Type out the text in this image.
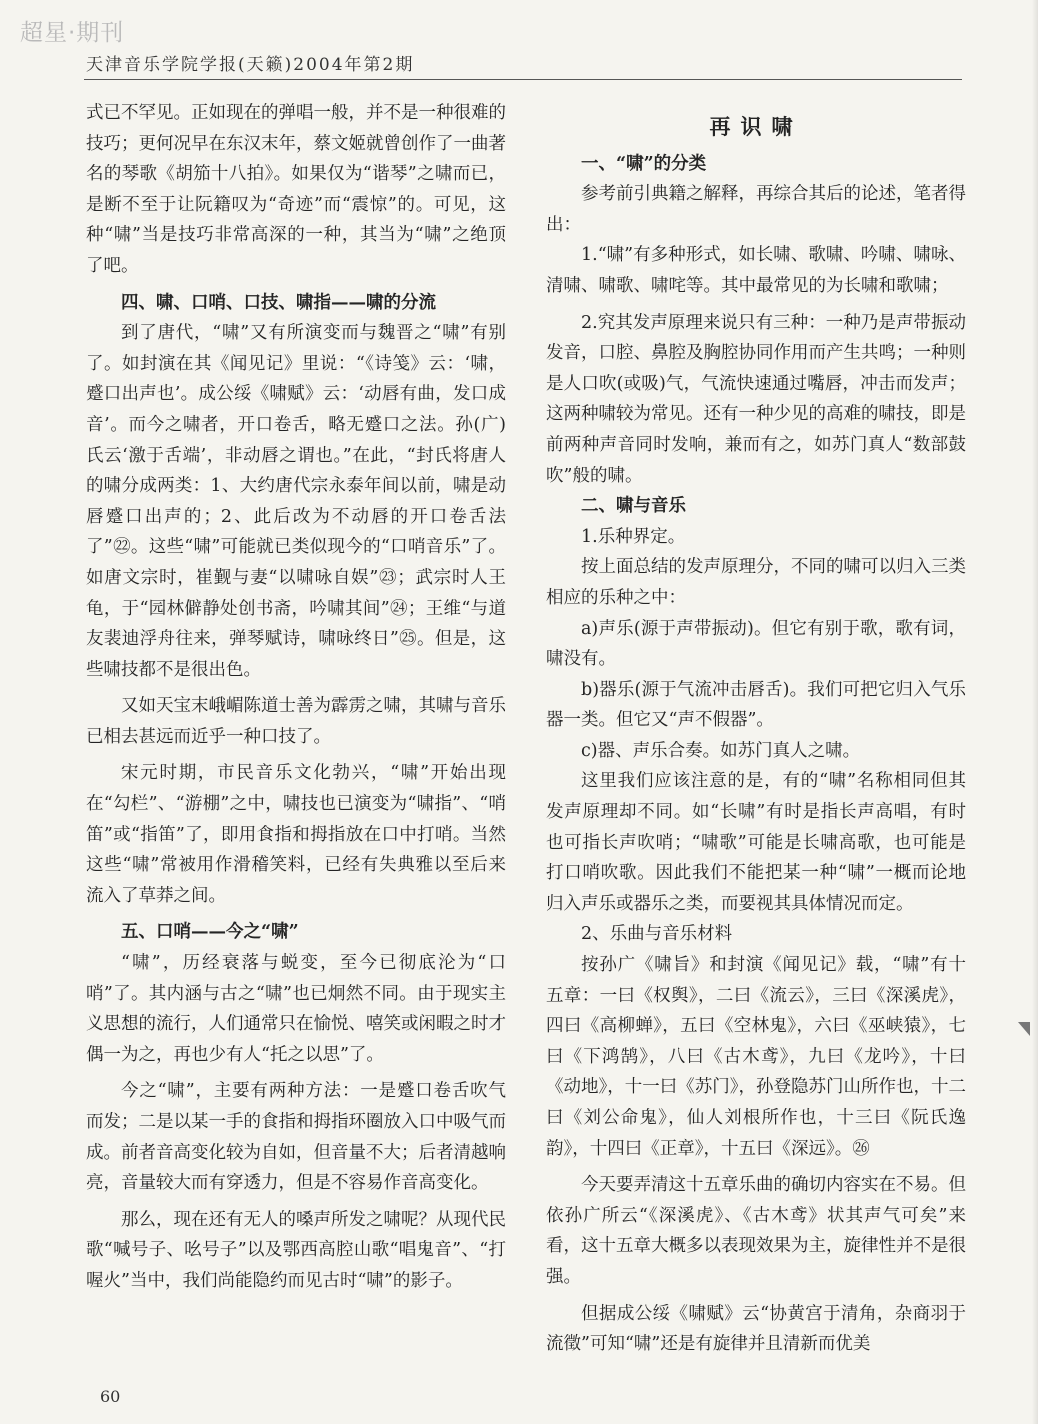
超星·期刊
天津音乐学院学报(天籁)2004年第2期

式已不罕见。正如现在的弹唱一般，并不是一种很难的技巧；更何况早在东汉末年，蔡文姬就曾创作了一曲著名的琴歌《胡笳十八拍》。如果仅为“谐琴”之啸而已，是断不至于让阮籍叹为“奇迹”而“震惊”的。可见，这种“啸”当是技巧非常高深的一种，其当为“啸”之绝顶了吧。

四、啸、口哨、口技、啸指——啸的分流

到了唐代，“啸”又有所演变而与魏晋之“啸”有别了。如封演在其《闻见记》里说：“《诗笺》云：‘啸，蹙口出声也’。成公绥《啸赋》云：‘动唇有曲，发口成音’。而今之啸者，开口卷舌，略无蹙口之法。孙(广)氏云‘激于舌端’，非动唇之谓也。”在此，“封氏将唐人的啸分成两类：1、大约唐代宗永泰年间以前，啸是动唇蹙口出声的；2、此后改为不动唇的开口卷舌法了”㉒。这些“啸”可能就已类似现今的“口哨音乐”了。如唐文宗时，崔觐与妻“以啸咏自娱”㉓；武宗时人王龟，于“园林僻静处创书斋，吟啸其间”㉔；王维“与道友裴迪浮舟往来，弹琴赋诗，啸咏终日”㉕。但是，这些啸技都不是很出色。

又如天宝末峨嵋陈道士善为霹雳之啸，其啸与音乐已相去甚远而近乎一种口技了。

宋元时期，市民音乐文化勃兴，“啸”开始出现在“勾栏”、“游棚”之中，啸技也已演变为“啸指”、“哨笛”或“指笛”了，即用食指和拇指放在口中打哨。当然这些“啸”常被用作滑稽笑料，已经有失典雅以至后来流入了草莽之间。

五、口哨——今之“啸”

“啸”，历经衰落与蜕变，至今已彻底沦为“口哨”了。其内涵与古之“啸”也已炯然不同。由于现实主义思想的流行，人们通常只在愉悦、嘻笑或闲暇之时才偶一为之，再也少有人“托之以思”了。

今之“啸”，主要有两种方法：一是蹙口卷舌吹气而发；二是以某一手的食指和拇指环圈放入口中吸气而成。前者音高变化较为自如，但音量不大；后者清越响亮，音量较大而有穿透力，但是不容易作音高变化。

那么，现在还有无人的嗓声所发之啸呢？从现代民歌“喊号子、吆号子”以及鄂西高腔山歌“唱鬼音”、“打喔火”当中，我们尚能隐约而见古时“啸”的影子。

再识啸

一、“啸”的分类

参考前引典籍之解释，再综合其后的论述，笔者得出：

1.“啸”有多种形式，如长啸、歌啸、吟啸、啸咏、清啸、啸歌、啸咤等。其中最常见的为长啸和歌啸；

2.究其发声原理来说只有三种：一种乃是声带振动发音，口腔、鼻腔及胸腔协同作用而产生共鸣；一种则是人口吹(或吸)气，气流快速通过嘴唇，冲击而发声；这两种啸较为常见。还有一种少见的高难的啸技，即是前两种声音同时发响，兼而有之，如苏门真人“数部鼓吹”般的啸。

二、啸与音乐

1.乐种界定。

按上面总结的发声原理分，不同的啸可以归入三类相应的乐种之中：

a)声乐(源于声带振动)。但它有别于歌，歌有词，啸没有。

b)器乐(源于气流冲击唇舌)。我们可把它归入气乐器一类。但它又“声不假器”。

c)器、声乐合奏。如苏门真人之啸。

这里我们应该注意的是，有的“啸”名称相同但其发声原理却不同。如“长啸”有时是指长声高唱，有时也可指长声吹哨；“啸歌”可能是长啸高歌，也可能是打口哨吹歌。因此我们不能把某一种“啸”一概而论地归入声乐或器乐之类，而要视其具体情况而定。

2、乐曲与音乐材料

按孙广《啸旨》和封演《闻见记》载，“啸”有十五章：一曰《权舆》，二曰《流云》，三曰《深溪虎》，四曰《高柳蝉》，五曰《空林鬼》，六曰《巫峡猿》，七曰《下鸿鹄》，八曰《古木鸢》，九曰《龙吟》，十曰《动地》，十一曰《苏门》，孙登隐苏门山所作也，十二曰《刘公命鬼》，仙人刘根所作也，十三曰《阮氏逸韵》，十四曰《正章》，十五曰《深远》。㉖

今天要弄清这十五章乐曲的确切内容实在不易。但依孙广所云“《深溪虎》、《古木鸢》状其声气可矣”来看，这十五章大概多以表现效果为主，旋律性并不是很强。

但据成公绥《啸赋》云“协黄宫于清角，杂商羽于流徵”可知“啸”还是有旋律并且清新而优美

60
